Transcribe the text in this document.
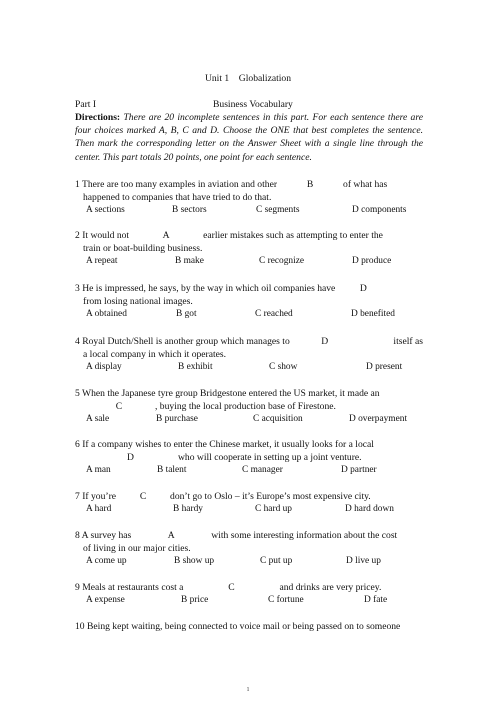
Unit 1    Globalization
Part I	Business Vocabulary
Directions: There are 20 incomplete sentences in this part. For each sentence there are four choices marked A, B, C and D. Choose the ONE that best completes the sentence. Then mark the corresponding letter on the Answer Sheet with a single line through the center. This part totals 20 points, one point for each sentence.
1 There are too many examples in aviation and other	B	of what has
happened to companies that have tried to do that.
A sections	B sectors	C segments	D components
2 It would not	A	earlier mistakes such as attempting to enter the
train or boat-building business.
A repeat	B make	C recognize	D produce
3 He is impressed, he says, by the way in which oil companies have	D
from losing national images.
A obtained	B got	C reached	D benefited
4 Royal Dutch/Shell is another group which manages to	D	itself as
a local company in which it operates.
A display	B exhibit	C show	D present
5 When the Japanese tyre group Bridgestone entered the US market, it made an
C	, buying the local production base of Firestone.
A sale	B purchase	C acquisition	D overpayment
6 If a company wishes to enter the Chinese market, it usually looks for a local
D	who will cooperate in setting up a joint venture.
A man	B talent	C manager	D partner
7 If you’re C don’t go to Oslo – it’s Europe’s most expensive city.
A hard	B hardy	C hard up	D hard down
8 A survey has	A	with some interesting information about the cost
of living in our major cities.
A come up	B show up	C put up	D live up
9 Meals at restaurants cost a	C	and drinks are very pricey.
A expense	B price	C fortune	D fate
10 Being kept waiting, being connected to voice mail or being passed on to someone
1
